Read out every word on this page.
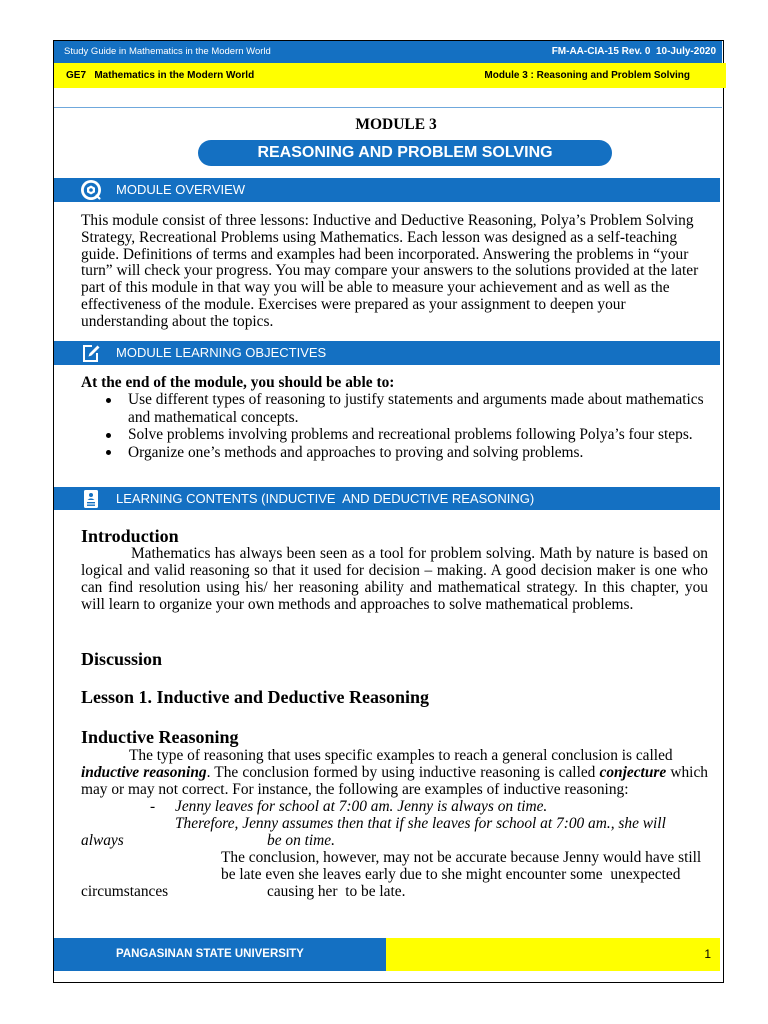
Study Guide in Mathematics in the Modern World	FM-AA-CIA-15 Rev. 0  10-July-2020
GE7   Mathematics in the Modern World	Module 3 : Reasoning and Problem Solving
MODULE 3
REASONING AND PROBLEM SOLVING
MODULE OVERVIEW
This module consist of three lessons: Inductive and Deductive Reasoning, Polya’s Problem Solving
Strategy, Recreational Problems using Mathematics. Each lesson was designed as a self-teaching
guide. Definitions of terms and examples had been incorporated. Answering the problems in “your
turn” will check your progress. You may compare your answers to the solutions provided at the later
part of this module in that way you will be able to measure your achievement and as well as the
effectiveness of the module. Exercises were prepared as your assignment to deepen your
understanding about the topics.
MODULE LEARNING OBJECTIVES
At the end of the module, you should be able to:
Use different types of reasoning to justify statements and arguments made about mathematics
and mathematical concepts.
Solve problems involving problems and recreational problems following Polya’s four steps.
Organize one’s methods and approaches to proving and solving problems.
LEARNING CONTENTS (INDUCTIVE  AND DEDUCTIVE REASONING)
Introduction
Mathematics has always been seen as a tool for problem solving. Math by nature is based on
logical and valid reasoning so that it used for decision – making. A good decision maker is one who
can find resolution using his/ her reasoning ability and mathematical strategy. In this chapter, you
will learn to organize your own methods and approaches to solve mathematical problems.
Discussion
Lesson 1. Inductive and Deductive Reasoning
Inductive Reasoning
The type of reasoning that uses specific examples to reach a general conclusion is called
inductive reasoning. The conclusion formed by using inductive reasoning is called conjecture which
may or may not correct. For instance, the following are examples of inductive reasoning:
- Jenny leaves for school at 7:00 am. Jenny is always on time.
Therefore, Jenny assumes then that if she leaves for school at 7:00 am., she will
always	be on time.
The conclusion, however, may not be accurate because Jenny would have still
be late even she leaves early due to she might encounter some  unexpected
circumstances	causing her  to be late.
PANGASINAN STATE UNIVERSITY	1
